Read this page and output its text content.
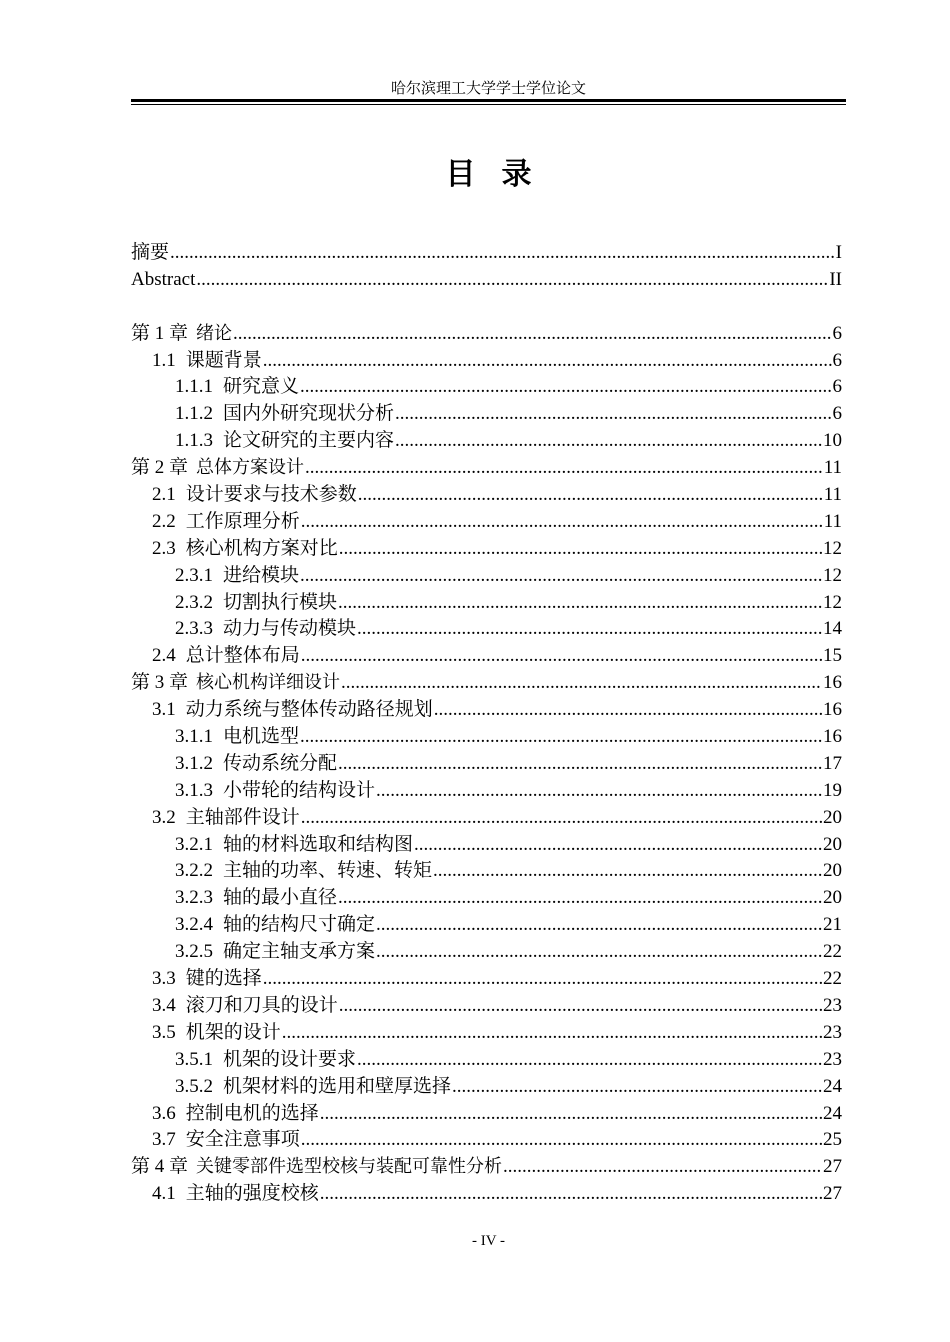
哈尔滨理工大学学士学位论文
目录
摘要 .....	I
Abstract .....	II
第 1 章 绪论 .....	6
1.1 课题背景 .....	6
1.1.1 研究意义 .....	6
1.1.2 国内外研究现状分析 .....	6
1.1.3 论文研究的主要内容 .....	10
第 2 章 总体方案设计 .....	11
2.1 设计要求与技术参数 .....	11
2.2 工作原理分析 .....	11
2.3 核心机构方案对比 .....	12
2.3.1 进给模块 .....	12
2.3.2 切割执行模块 .....	12
2.3.3 动力与传动模块 .....	14
2.4 总计整体布局 .....	15
第 3 章 核心机构详细设计 .....	16
3.1 动力系统与整体传动路径规划 .....	16
3.1.1 电机选型 .....	16
3.1.2 传动系统分配 .....	17
3.1.3 小带轮的结构设计 .....	19
3.2 主轴部件设计 .....	20
3.2.1 轴的材料选取和结构图 .....	20
3.2.2 主轴的功率、转速、转矩 .....	20
3.2.3 轴的最小直径 .....	20
3.2.4 轴的结构尺寸确定 .....	21
3.2.5 确定主轴支承方案 .....	22
3.3 键的选择 .....	22
3.4 滚刀和刀具的设计 .....	23
3.5 机架的设计 .....	23
3.5.1 机架的设计要求 .....	23
3.5.2 机架材料的选用和壁厚选择 .....	24
3.6 控制电机的选择 .....	24
3.7 安全注意事项 .....	25
第 4 章 关键零部件选型校核与装配可靠性分析 .....	27
4.1 主轴的强度校核 .....	27
- IV -
